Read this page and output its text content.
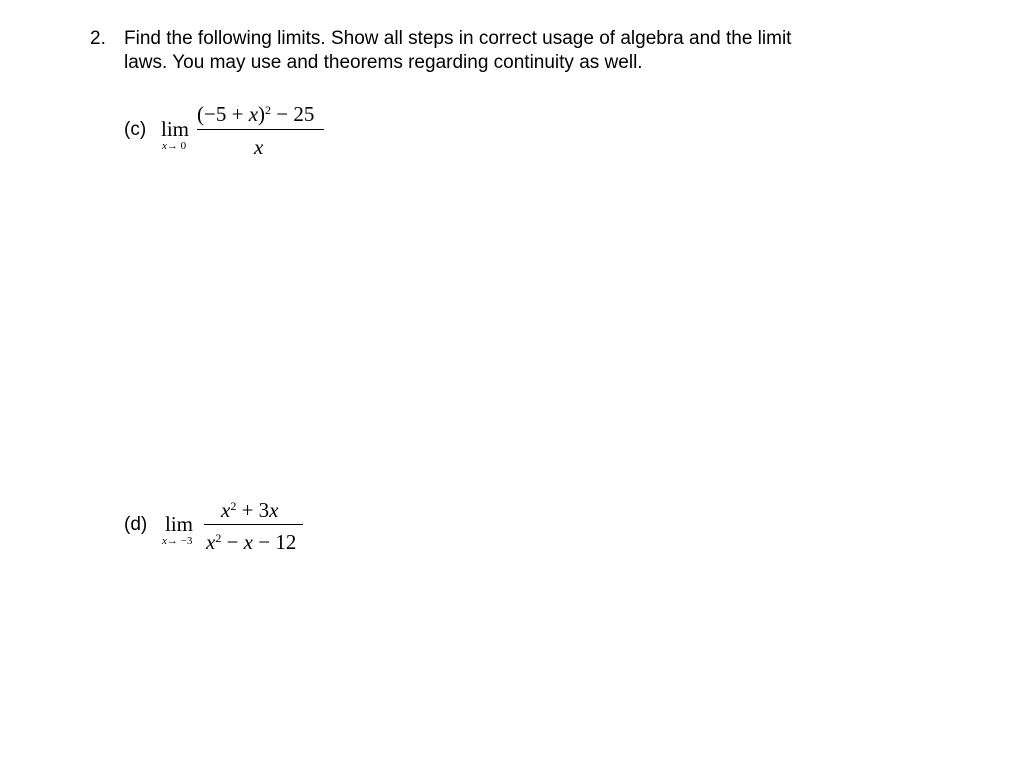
2. Find the following limits. Show all steps in correct usage of algebra and the limit
laws. You may use and theorems regarding continuity as well.
(c) lim
x→ 0
$(-5 + x)^2 - 25$
x
(d) lim
x→ −3
$x^2 + 3x$
$x^2 - x - 12$
